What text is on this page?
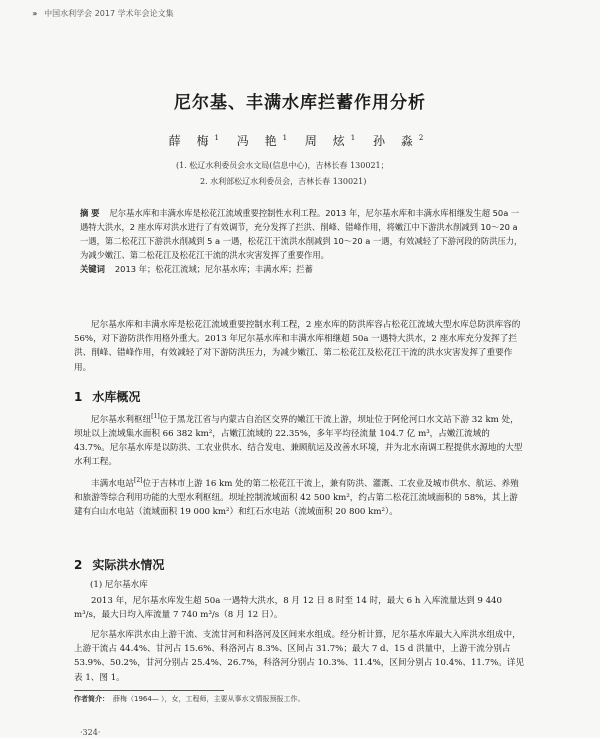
››› 中国水利学会 2017 学术年会论文集
尼尔基、丰满水库拦蓄作用分析
薛 梅$^1$ 冯 艳$^1$ 周 炫$^1$ 孙 淼$^2$
(1. 松辽水利委员会水文局(信息中心)，吉林长春 130021；
2. 水利部松辽水利委员会，吉林长春 130021)
摘 要 尼尔基水库和丰满水库是松花江流域重要控制性水利工程。2013 年，尼尔基水库和丰满水库相继发生超 50a 一遇特大洪水，2 座水库对洪水进行了有效调节，充分发挥了拦洪、削峰、错峰作用，将嫩江中下游洪水削减到 10～20 a 一遇，第二松花江下游洪水削减到 5 a 一遇，松花江干流洪水削减到 10～20 a 一遇，有效减轻了下游河段的防洪压力，为减少嫩江、第二松花江及松花江干流的洪水灾害发挥了重要作用。
关键词 2013 年；松花江流域；尼尔基水库；丰满水库；拦蓄
尼尔基水库和丰满水库是松花江流域重要控制水利工程，2 座水库的防洪库容占松花江流域大型水库总防洪库容的 56%，对下游防洪作用格外重大。2013 年尼尔基水库和丰满水库相继超 50a 一遇特大洪水，2 座水库充分发挥了拦洪、削峰、错峰作用，有效减轻了对下游防洪压力，为减少嫩江、第二松花江及松花江干流的洪水灾害发挥了重要作用。
1 水库概况
尼尔基水利枢纽[1]位于黑龙江省与内蒙古自治区交界的嫩江干流上游，坝址位于阿伦河口水文站下游 32 km 处，坝址以上流域集水面积 66 382 km²，占嫩江流域的 22.35%，多年平均径流量 104.7 亿 m³，占嫩江流域的 43.7%。尼尔基水库是以防洪、工农业供水、结合发电、兼顾航运及改善水环境，并为北水南调工程提供水源地的大型水利工程。
丰满水电站[2]位于吉林市上游 16 km 处的第二松花江干流上，兼有防洪、灌溉、工农业及城市供水、航运、养殖和旅游等综合利用功能的大型水利枢纽。坝址控制流域面积 42 500 km²，约占第二松花江流域面积的 58%，其上游建有白山水电站（流域面积 19 000 km²）和红石水电站（流域面积 20 800 km²）。
2 实际洪水情况
(1) 尼尔基水库
2013 年，尼尔基水库发生超 50a 一遇特大洪水，8 月 12 日 8 时至 14 时，最大 6 h 入库流量达到 9 440 m³/s，最大日均入库流量 7 740 m³/s（8 月 12 日）。
尼尔基水库洪水由上游干流、支流甘河和科洛河及区间来水组成。经分析计算，尼尔基水库最大入库洪水组成中，上游干流占 44.4%、甘河占 15.6%、科洛河占 8.3%、区间占 31.7%；最大 7 d、15 d 洪量中，上游干流分别占 53.9%、50.2%，甘河分别占 25.4%、26.7%，科洛河分别占 10.3%、11.4%，区间分别占 10.4%、11.7%。详见表 1、图 1。
作者简介： 薛梅（1964— ），女，工程师，主要从事水文情报预报工作。
·324·
